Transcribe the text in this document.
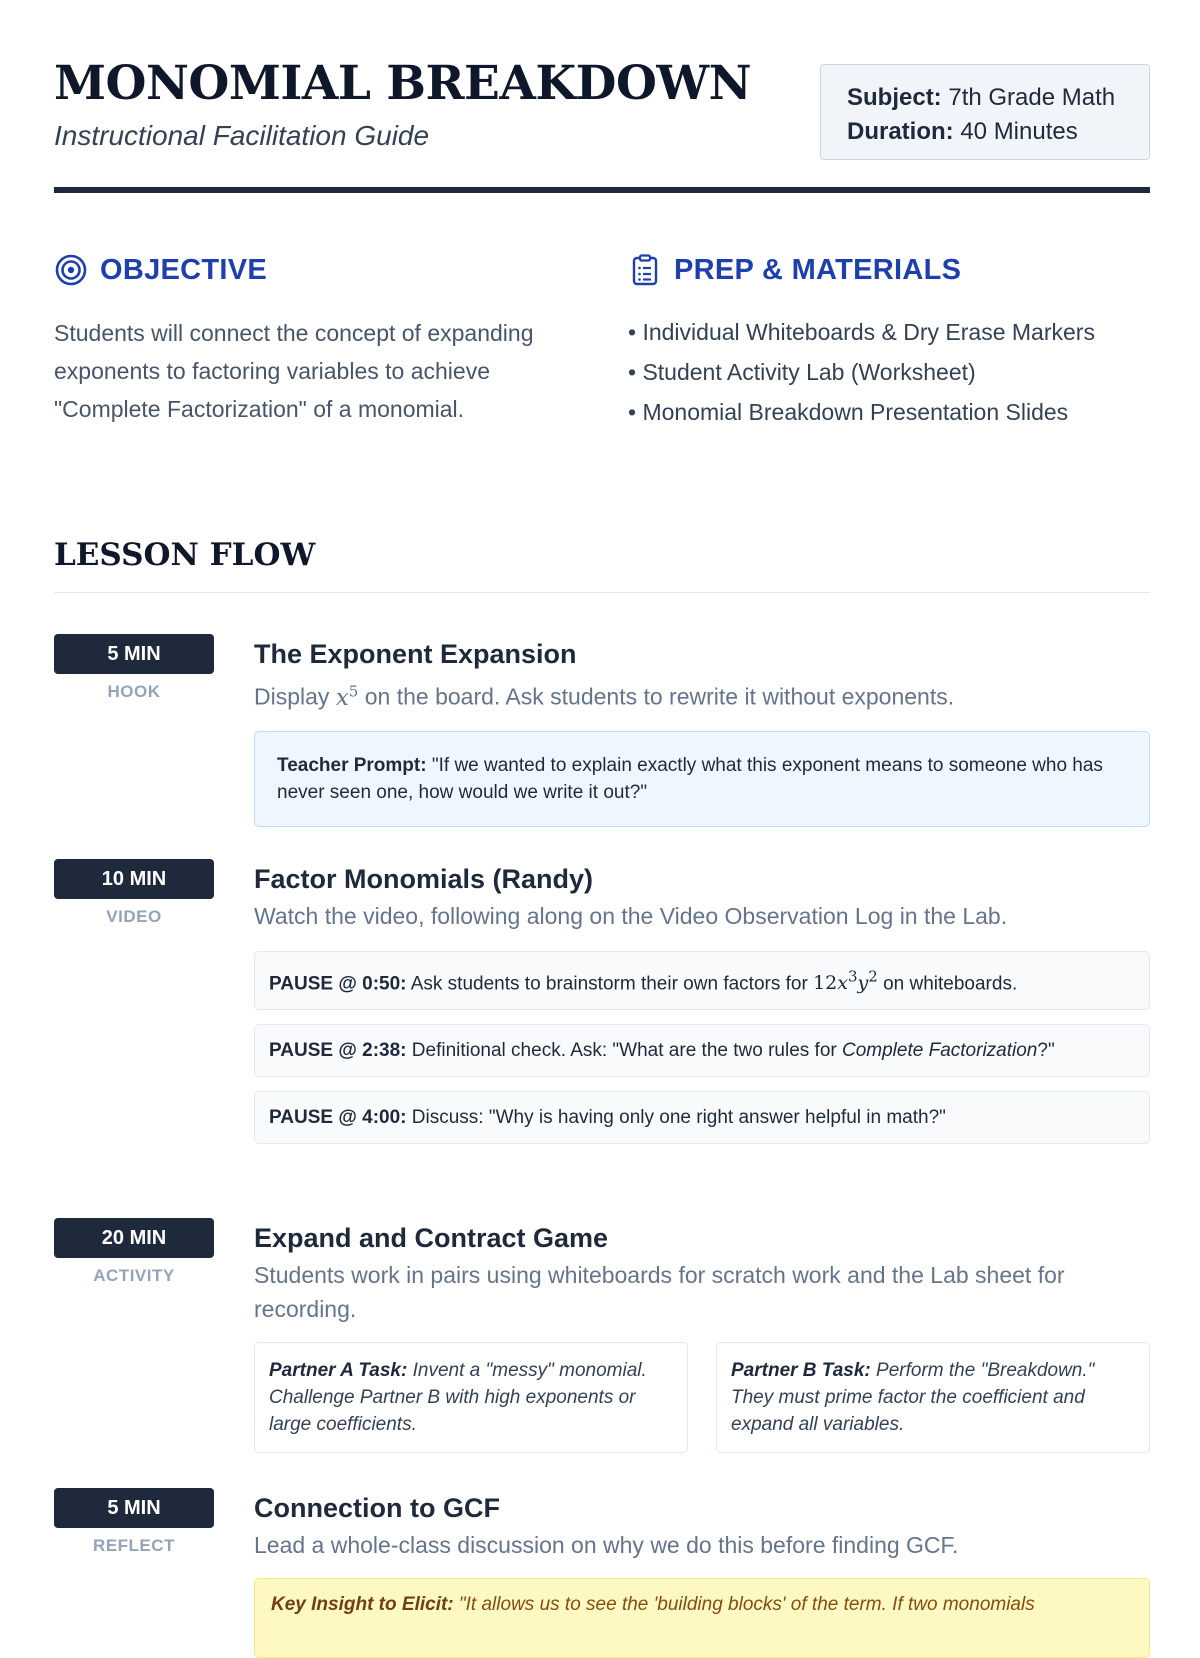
MONOMIAL BREAKDOWN
Instructional Facilitation Guide
Subject: 7th Grade Math
Duration: 40 Minutes
OBJECTIVE

Students will connect the concept of expanding exponents to factoring variables to achieve "Complete Factorization" of a monomial.

PREP & MATERIALS
• Individual Whiteboards & Dry Erase Markers
• Student Activity Lab (Worksheet)
• Monomial Breakdown Presentation Slides
LESSON FLOW
5 MIN
HOOK
The Exponent Expansion
Display $x^5$ on the board. Ask students to rewrite it without exponents.
Teacher Prompt: "If we wanted to explain exactly what this exponent means to someone who has never seen one, how would we write it out?"
10 MIN
VIDEO
Factor Monomials (Randy)
Watch the video, following along on the Video Observation Log in the Lab.
PAUSE @ 0:50: Ask students to brainstorm their own factors for $12x^3y^2$ on whiteboards.
PAUSE @ 2:38: Definitional check. Ask: "What are the two rules for Complete Factorization?"
PAUSE @ 4:00: Discuss: "Why is having only one right answer helpful in math?"
20 MIN
ACTIVITY
Expand and Contract Game
Students work in pairs using whiteboards for scratch work and the Lab sheet for recording.
Partner A Task: Invent a "messy" monomial. Challenge Partner B with high exponents or large coefficients.
Partner B Task: Perform the "Breakdown." They must prime factor the coefficient and expand all variables.
5 MIN
REFLECT
Connection to GCF
Lead a whole-class discussion on why we do this before finding GCF.
Key Insight to Elicit: "It allows us to see the 'building blocks' of the term. If two monomials
